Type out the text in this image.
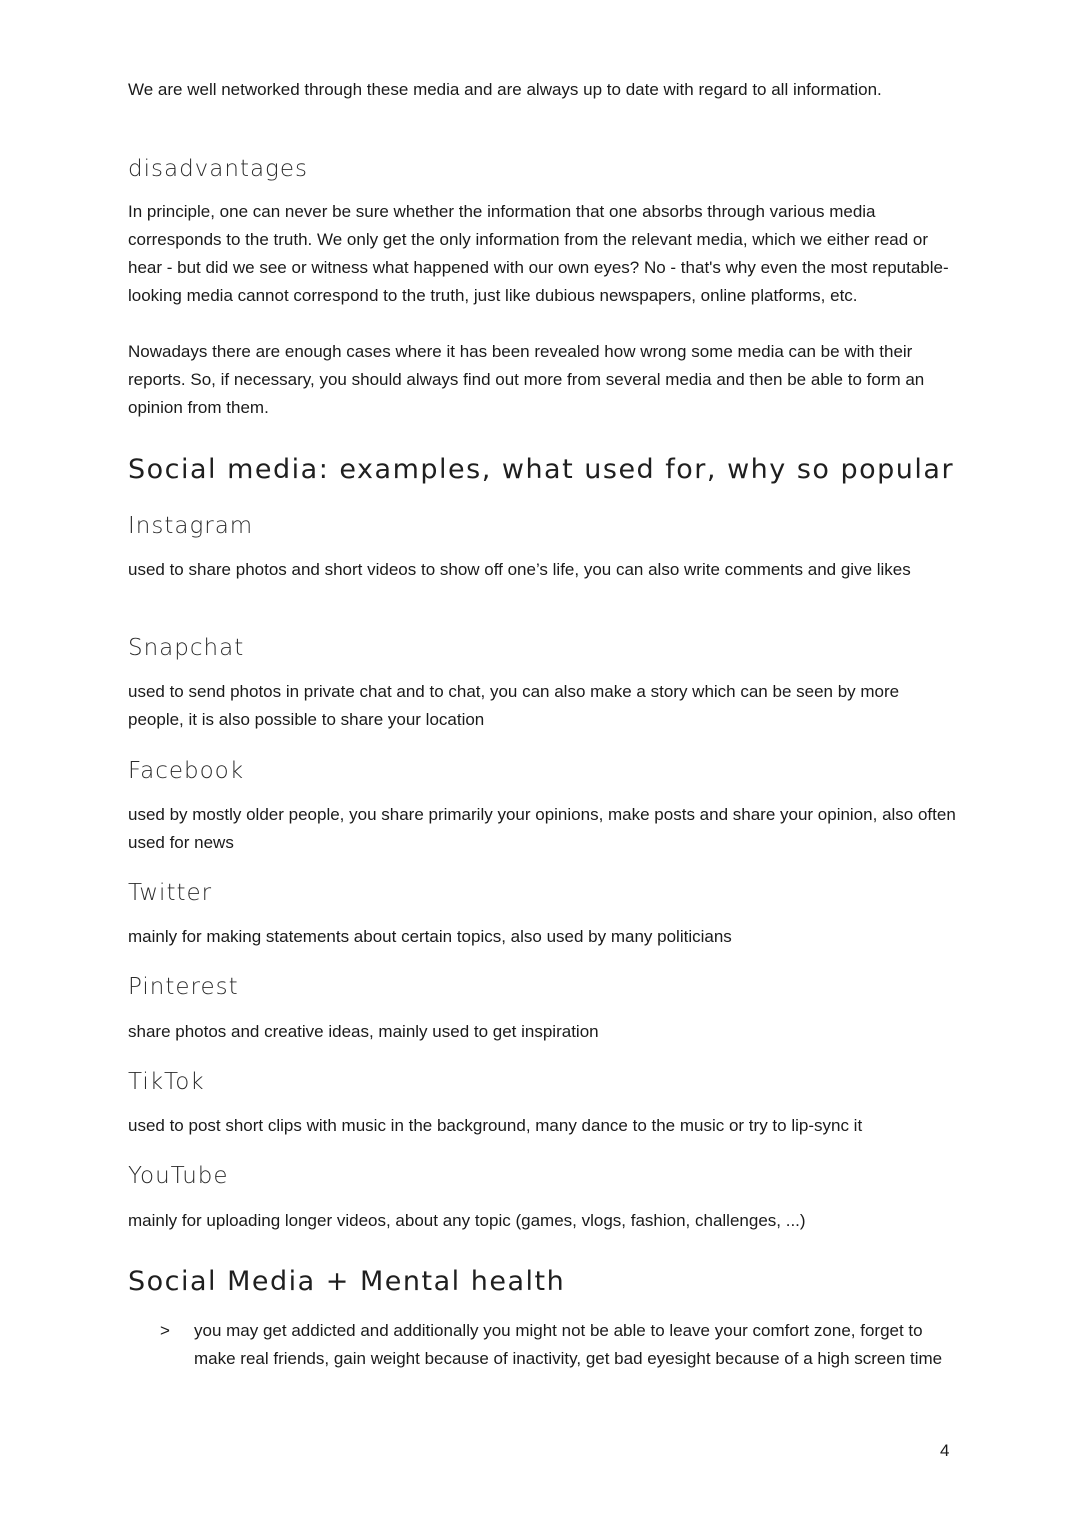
We are well networked through these media and are always up to date with regard to all information.

disadvantages

In principle, one can never be sure whether the information that one absorbs through various media corresponds to the truth. We only get the only information from the relevant media, which we either read or hear - but did we see or witness what happened with our own eyes? No - that's why even the most reputable-looking media cannot correspond to the truth, just like dubious newspapers, online platforms, etc.

Nowadays there are enough cases where it has been revealed how wrong some media can be with their reports. So, if necessary, you should always find out more from several media and then be able to form an opinion from them.

Social media: examples, what used for, why so popular
Instagram

used to share photos and short videos to show off one’s life, you can also write comments and give likes

Snapchat

used to send photos in private chat and to chat, you can also make a story which can be seen by more people, it is also possible to share your location

Facebook

used by mostly older people, you share primarily your opinions, make posts and share your opinion, also often used for news

Twitter

mainly for making statements about certain topics, also used by many politicians

Pinterest

share photos and creative ideas, mainly used to get inspiration

TikTok

used to post short clips with music in the background, many dance to the music or try to lip-sync it

YouTube

mainly for uploading longer videos, about any topic (games, vlogs, fashion, challenges, ...)

Social Media + Mental health
>	you may get addicted and additionally you might not be able to leave your comfort zone, forget to make real friends, gain weight because of inactivity, get bad eyesight because of a high screen time
4
